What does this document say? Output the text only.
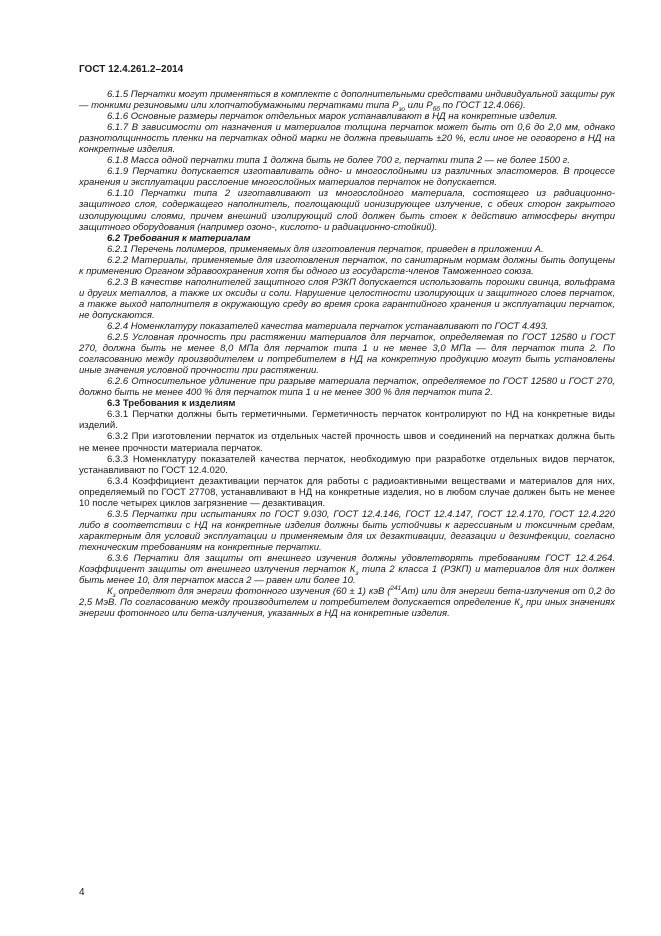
ГОСТ 12.4.261.2–2014

6.1.5 Перчатки могут применяться в комплекте с дополнительными средствами индивидуальной защиты рук — тонкими резиновыми или хлопчатобумажными перчатками типа $Р_{зо}$ или $Р_{бб}$ по ГОСТ 12.4.066).

6.1.6 Основные размеры перчаток отдельных марок устанавливают в НД на конкретные изделия.

6.1.7 В зависимости от назначения и материалов толщина перчаток может быть от 0,6 до 2,0 мм, однако разнотолщинность пленки на перчатках одной марки не должна превышать ±20 %, если иное не оговорено в НД на конкретные изделия.

6.1.8 Масса одной перчатки типа 1 должна быть не более 700 г, перчатки типа 2 — не более 1500 г.

6.1.9 Перчатки допускается изготавливать одно- и многослойными из различных эластомеров. В процессе хранения и эксплуатации расслоение многослойных материалов перчаток не допускается.

6.1.10 Перчатки типа 2 изготавливают из многослойного материала, состоящего из радиационно-защитного слоя, содержащего наполнитель, поглощающий ионизирующее излучение, с обеих сторон закрытого изолирующими слоями, причем внешний изолирующий слой должен быть стоек к действию атмосферы внутри защитного оборудования (например озоно-, кислото- и радиационно-стойкий).

6.2 Требования к материалам

6.2.1 Перечень полимеров, применяемых для изготовления перчаток, приведен в приложении А.

6.2.2 Материалы, применяемые для изготовления перчаток, по санитарным нормам должны быть допущены к применению Органом здравоохранения хотя бы одного из государств-членов Таможенного союза.

6.2.3 В качестве наполнителей защитного слоя РЗКП допускается использовать порошки свинца, вольфрама и других металлов, а также их оксиды и соли. Нарушение целостности изолирующих и защитного слоев перчаток, а также выход наполнителя в окружающую среду во время срока гарантийного хранения и эксплуатации перчаток, не допускаются.

6.2.4 Номенклатуру показателей качества материала перчаток устанавливают по ГОСТ 4.493.

6.2.5 Условная прочность при растяжении материалов для перчаток, определяемая по ГОСТ 12580 и ГОСТ 270, должна быть не менее 8,0 МПа для перчаток типа 1 и не менее 3,0 МПа — для перчаток типа 2. По согласованию между производителем и потребителем в НД на конкретную продукцию могут быть установлены иные значения условной прочности при растяжении.

6.2.6 Относительное удлинение при разрыве материала перчаток, определяемое по ГОСТ 12580 и ГОСТ 270, должно быть не менее 400 % для перчаток типа 1 и не менее 300 % для перчаток типа 2.

6.3 Требования к изделиям

6.3.1 Перчатки должны быть герметичными. Герметичность перчаток контролируют по НД на конкретные виды изделий.

6.3.2 При изготовлении перчаток из отдельных частей прочность швов и соединений на перчатках должна быть не менее прочности материала перчаток.

6.3.3 Номенклатуру показателей качества перчаток, необходимую при разработке отдельных видов перчаток, устанавливают по ГОСТ 12.4.020.

6.3.4 Коэффициент дезактивации перчаток для работы с радиоактивными веществами и материалов для них, определяемый по ГОСТ 27708, устанавливают в НД на конкретные изделия, но в любом случае должен быть не менее 10 после четырех циклов загрязнение — дезактивация.

6.3.5 Перчатки при испытаниях по ГОСТ 9.030, ГОСТ 12.4.146, ГОСТ 12.4.147, ГОСТ 12.4.170, ГОСТ 12.4.220 либо в соответствии с НД на конкретные изделия должны быть устойчивы к агрессивным и токсичным средам, характерным для условий эксплуатации и применяемым для их дезактивации, дегазации и дезинфекции, согласно техническим требованиям на конкретные перчатки.

6.3.6 Перчатки для защиты от внешнего изучения должны удовлетворять требованиям ГОСТ 12.4.264. Коэффициент защиты от внешнего излучения перчаток $К_з$ типа 2 класса 1 (РЗКП) и материалов для них должен быть менее 10, для перчаток масса 2 — равен или более 10.

$К_з$ определяют для энергии фотонного изучения (60 ± 1) кэВ ($^{241}$Am) или для энергии бета-излучения от 0,2 до 2,5 МэВ. По согласованию между производителем и потребителем допускается определение $К_з$ при иных значениях энергии фотонного или бета-излучения, указанных в НД на конкретные изделия.

4
